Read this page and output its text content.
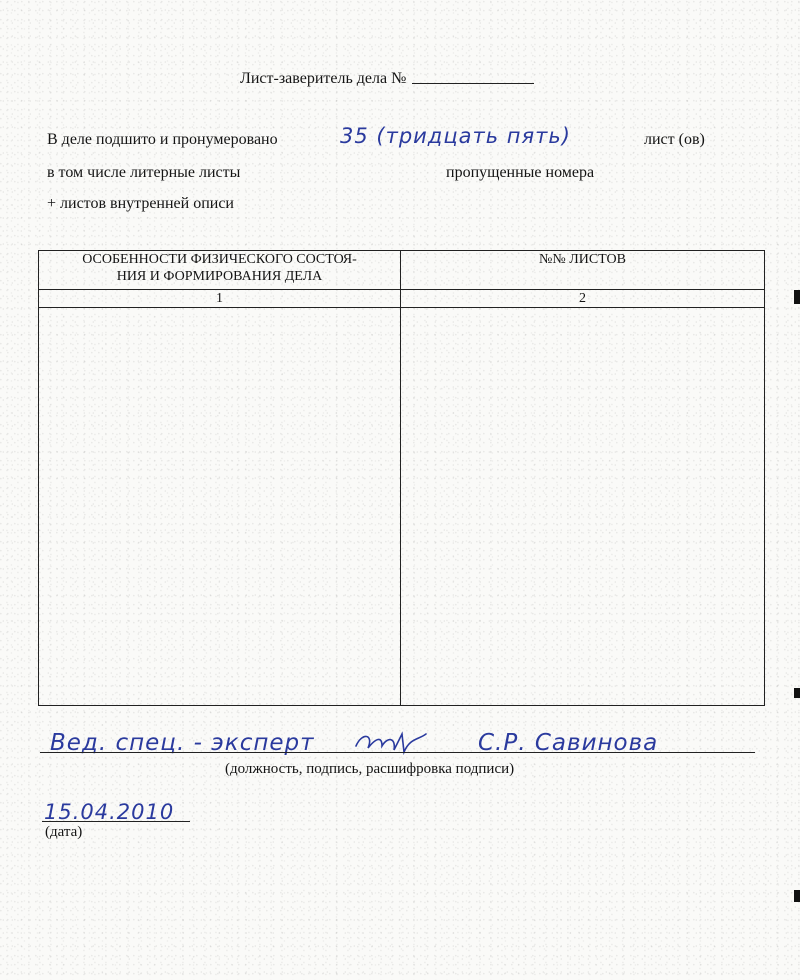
Лист-заверитель дела №
В деле подшито и пронумеровано	35 (тридцать пять)	лист (ов)
в том числе литерные листы	пропущенные номера
+ листов внутренней описи
ОСОБЕННОСТИ ФИЗИЧЕСКОГО СОСТОЯ-
НИЯ И ФОРМИРОВАНИЯ ДЕЛА	№№ ЛИСТОВ

1	2

Вед. спец. - эксперт	С.Р. Савинова
(должность, подпись, расшифровка подписи)
15.04.2010
(дата)
